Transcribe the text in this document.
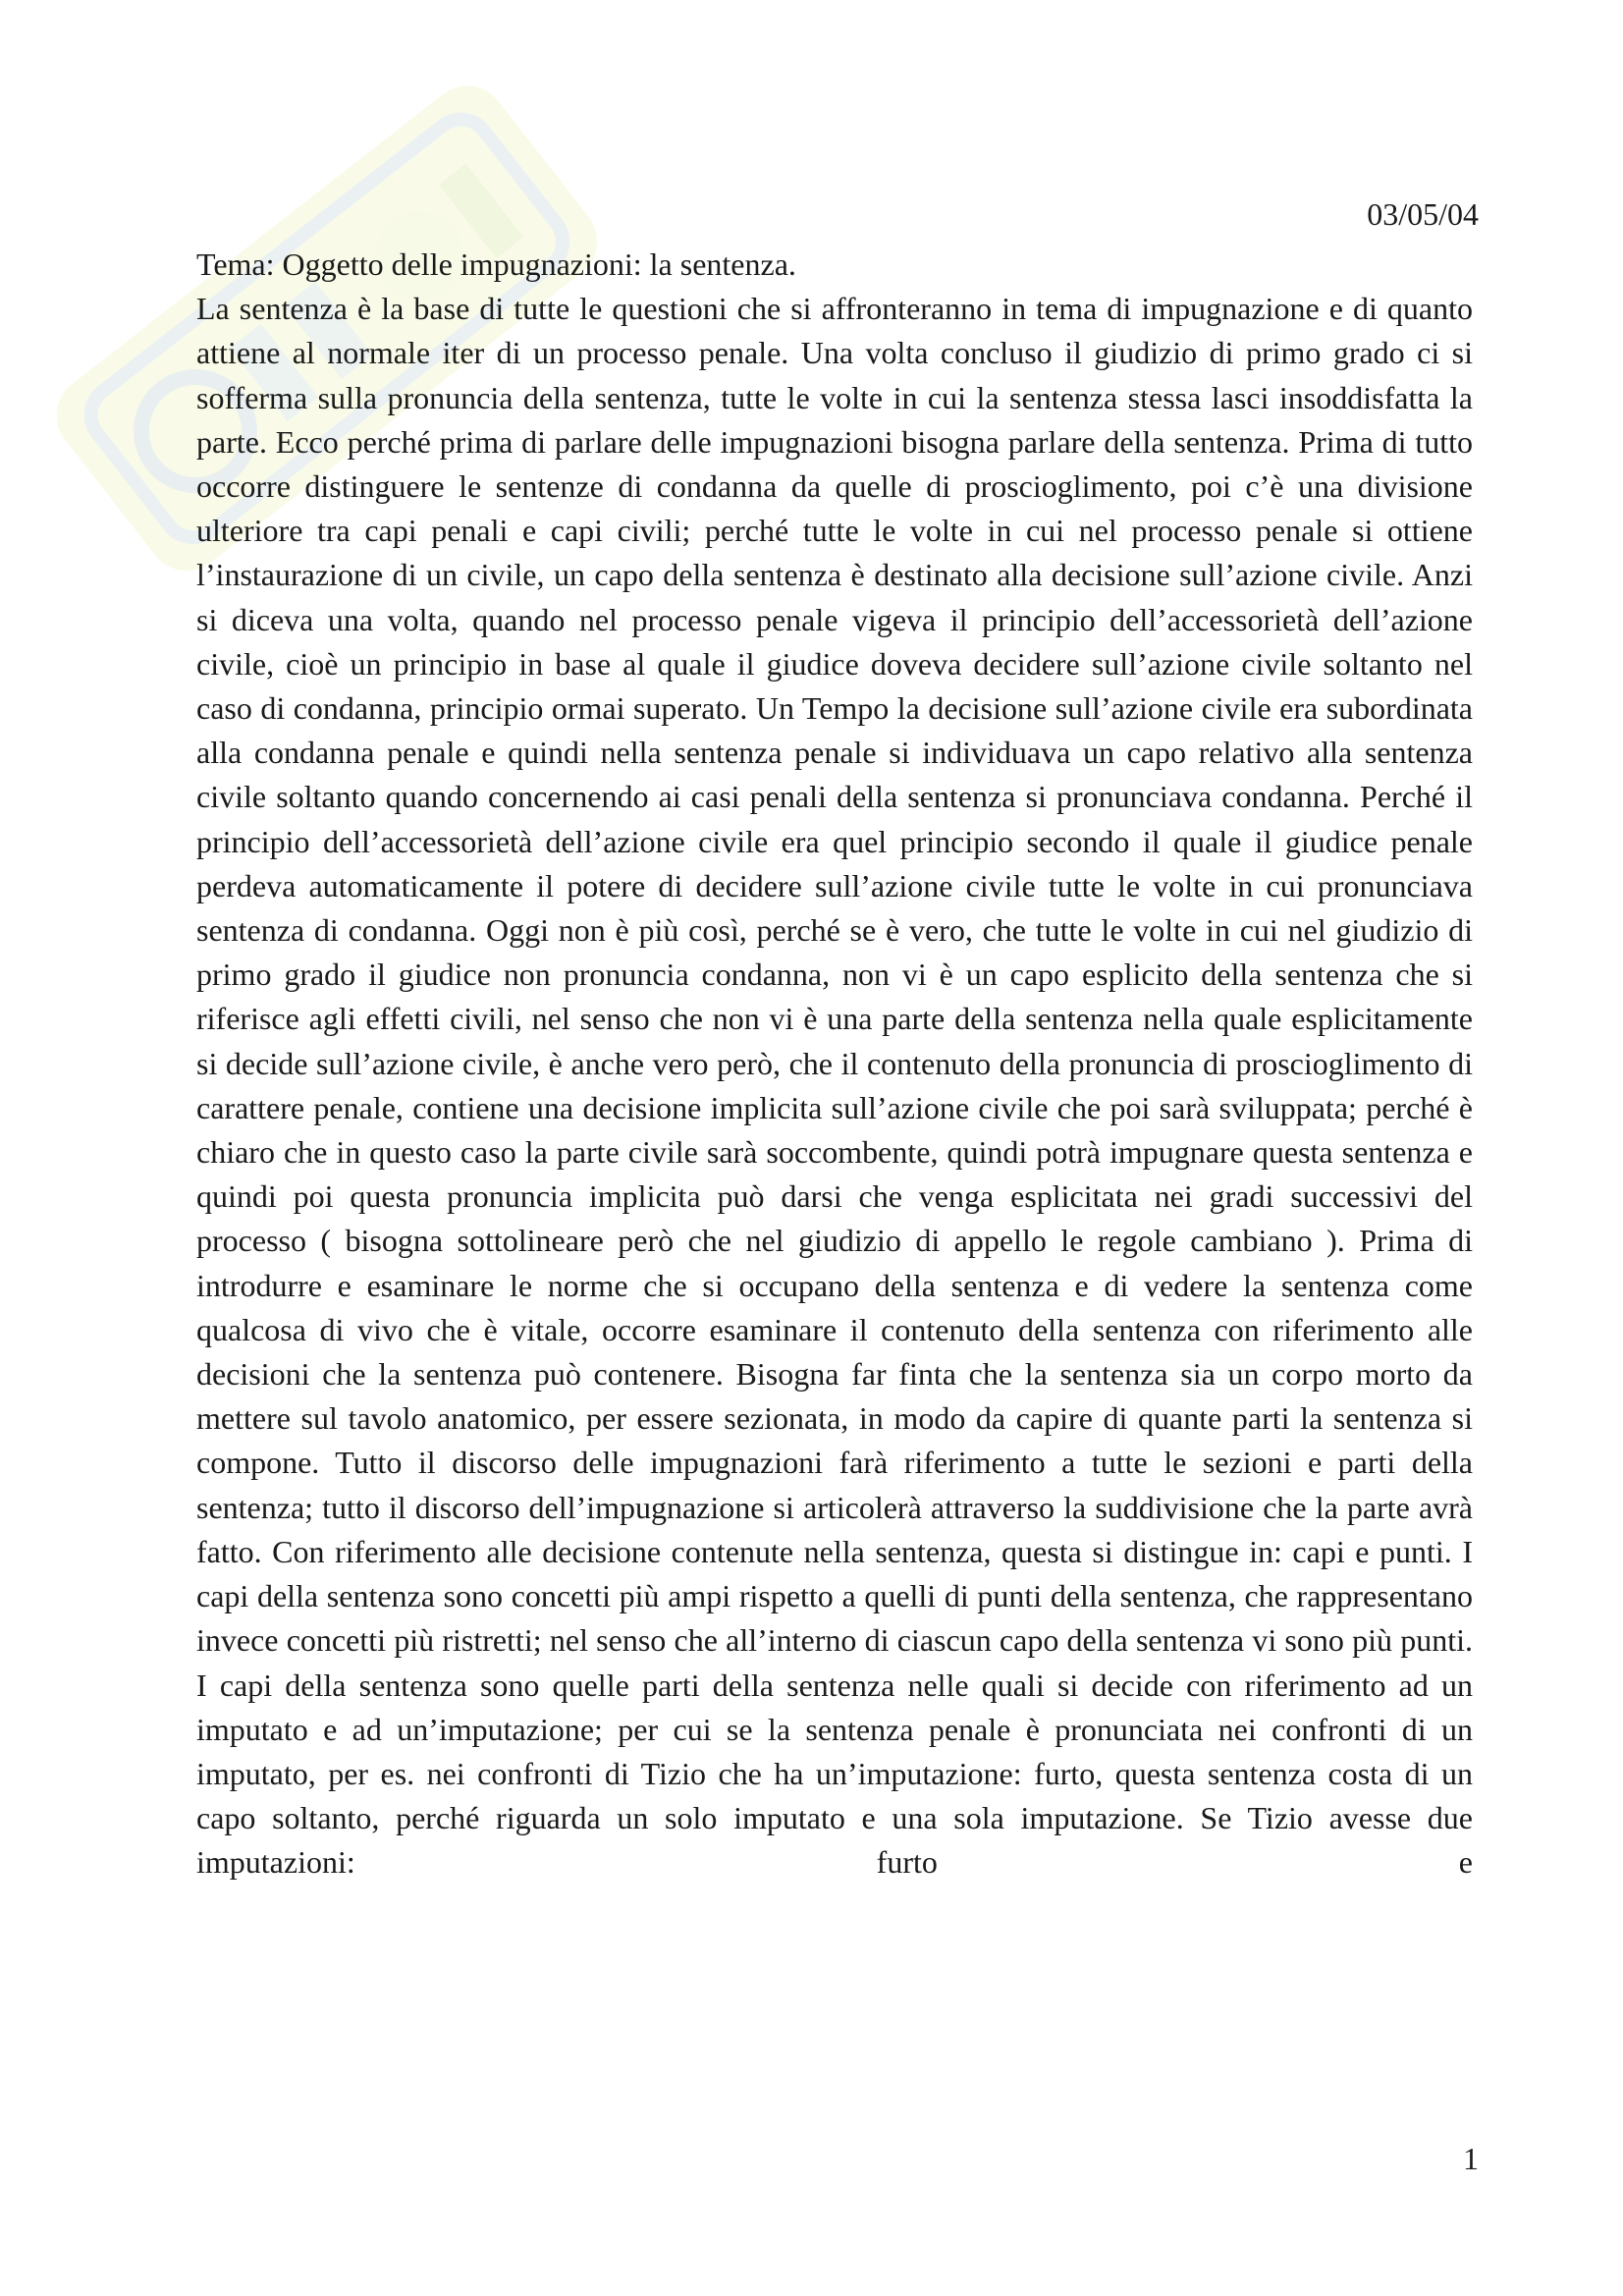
03/05/04

Tema: Oggetto delle impugnazioni: la sentenza.

La sentenza è la base di tutte le questioni che si affronteranno in tema di impugnazione e di quanto attiene al normale iter di un processo penale. Una volta concluso il giudizio di primo grado ci si sofferma sulla pronuncia della sentenza, tutte le volte in cui la sentenza stessa lasci insoddisfatta la parte. Ecco perché prima di parlare delle impugnazioni bisogna parlare della sentenza. Prima di tutto occorre distinguere le sentenze di condanna da quelle di proscioglimento, poi c’è una divisione ulteriore tra capi penali e capi civili; perché tutte le volte in cui nel processo penale si ottiene l’instaurazione di un civile, un capo della sentenza è destinato alla decisione sull’azione civile. Anzi si diceva una volta, quando nel processo penale vigeva il principio dell’accessorietà dell’azione civile, cioè un principio in base al quale il giudice doveva decidere sull’azione civile soltanto nel caso di condanna, principio ormai superato. Un Tempo la decisione sull’azione civile era subordinata alla condanna penale e quindi nella sentenza penale si individuava un capo relativo alla sentenza civile soltanto quando concernendo ai casi penali della sentenza si pronunciava condanna. Perché il principio dell’accessorietà dell’azione civile era quel principio secondo il quale il giudice penale perdeva automaticamente il potere di decidere sull’azione civile tutte le volte in cui pronunciava sentenza di condanna. Oggi non è più così, perché se è vero, che tutte le volte in cui nel giudizio di primo grado il giudice non pronuncia condanna, non vi è un capo esplicito della sentenza che si riferisce agli effetti civili, nel senso che non vi è una parte della sentenza nella quale esplicitamente si decide sull’azione civile, è anche vero però, che il contenuto della pronuncia di proscioglimento di carattere penale, contiene una decisione implicita sull’azione civile che poi sarà sviluppata; perché è chiaro che in questo caso la parte civile sarà soccombente, quindi potrà impugnare questa sentenza e quindi poi questa pronuncia implicita può darsi che venga esplicitata nei gradi successivi del processo ( bisogna sottolineare però che nel giudizio di appello le regole cambiano ). Prima di introdurre e esaminare le norme che si occupano della sentenza e di vedere la sentenza come qualcosa di vivo che è vitale, occorre esaminare il contenuto della sentenza con riferimento alle decisioni che la sentenza può contenere. Bisogna far finta che la sentenza sia un corpo morto da mettere sul tavolo anatomico, per essere sezionata, in modo da capire di quante parti la sentenza si compone. Tutto il discorso delle impugnazioni farà riferimento a tutte le sezioni e parti della sentenza; tutto il discorso dell’impugnazione si articolerà attraverso la suddivisione che la parte avrà fatto. Con riferimento alle decisione contenute nella sentenza, questa si distingue in: capi e punti. I capi della sentenza sono concetti più ampi rispetto a quelli di punti della sentenza, che rappresentano invece concetti più ristretti; nel senso che all’interno di ciascun capo della sentenza vi sono più punti. I capi della sentenza sono quelle parti della sentenza nelle quali si decide con riferimento ad un imputato e ad un’imputazione; per cui se la sentenza penale è pronunciata nei confronti di un imputato, per es. nei confronti di Tizio che ha un’imputazione: furto, questa sentenza costa di un capo soltanto, perché riguarda un solo imputato e una sola imputazione. Se Tizio avesse due imputazioni: furto e

1
